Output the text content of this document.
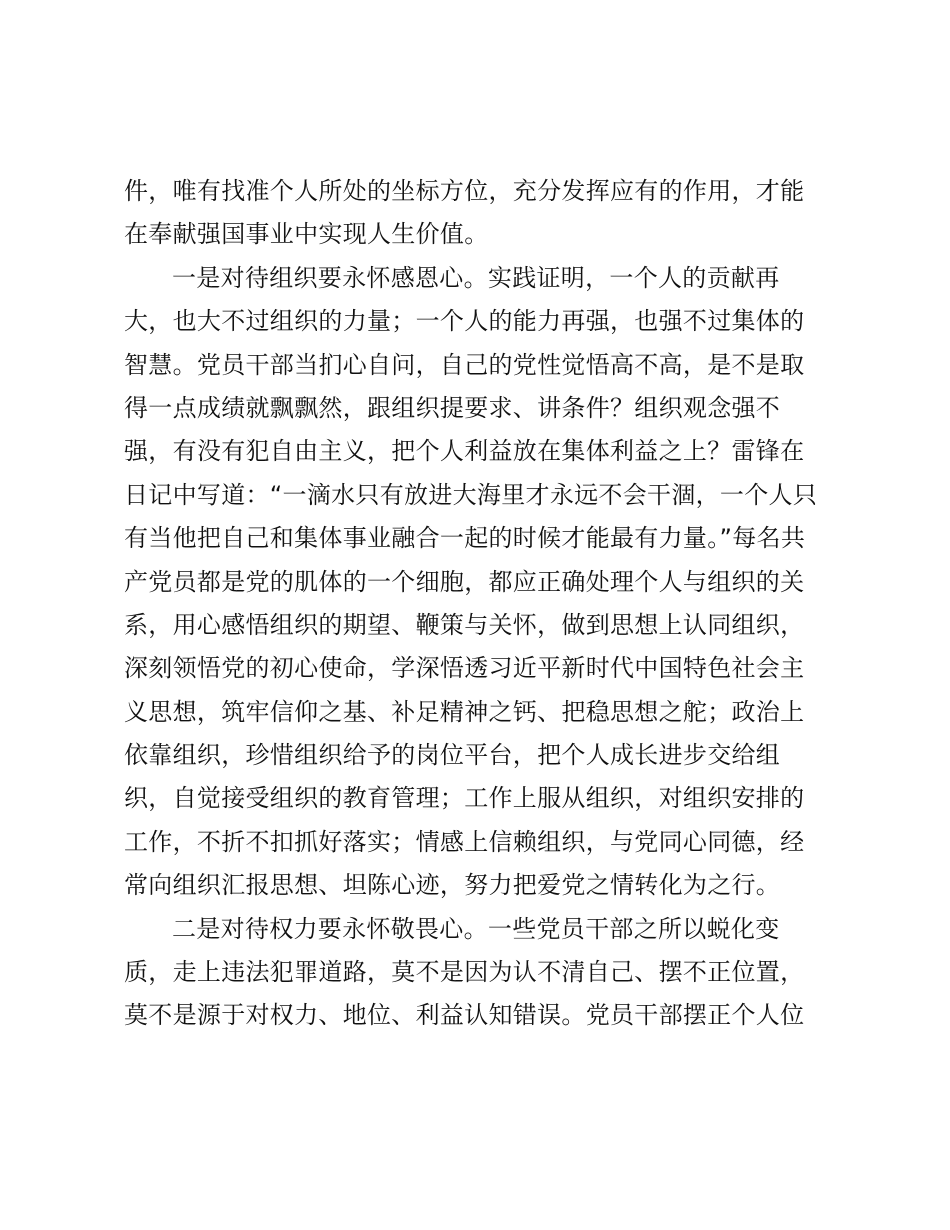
件，唯有找准个人所处的坐标方位，充分发挥应有的作用，才能
在奉献强国事业中实现人生价值。
一是对待组织要永怀感恩心。实践证明，一个人的贡献再
大，也大不过组织的力量；一个人的能力再强，也强不过集体的
智慧。党员干部当扪心自问，自己的党性觉悟高不高，是不是取
得一点成绩就飘飘然，跟组织提要求、讲条件？组织观念强不
强，有没有犯自由主义，把个人利益放在集体利益之上？雷锋在
日记中写道：“一滴水只有放进大海里才永远不会干涸，一个人只
有当他把自己和集体事业融合一起的时候才能最有力量。”每名共
产党员都是党的肌体的一个细胞，都应正确处理个人与组织的关
系，用心感悟组织的期望、鞭策与关怀，做到思想上认同组织，
深刻领悟党的初心使命，学深悟透习近平新时代中国特色社会主
义思想，筑牢信仰之基、补足精神之钙、把稳思想之舵；政治上
依靠组织，珍惜组织给予的岗位平台，把个人成长进步交给组
织，自觉接受组织的教育管理；工作上服从组织，对组织安排的
工作，不折不扣抓好落实；情感上信赖组织，与党同心同德，经
常向组织汇报思想、坦陈心迹，努力把爱党之情转化为之行。
二是对待权力要永怀敬畏心。一些党员干部之所以蜕化变
质，走上违法犯罪道路，莫不是因为认不清自己、摆不正位置，
莫不是源于对权力、地位、利益认知错误。党员干部摆正个人位
